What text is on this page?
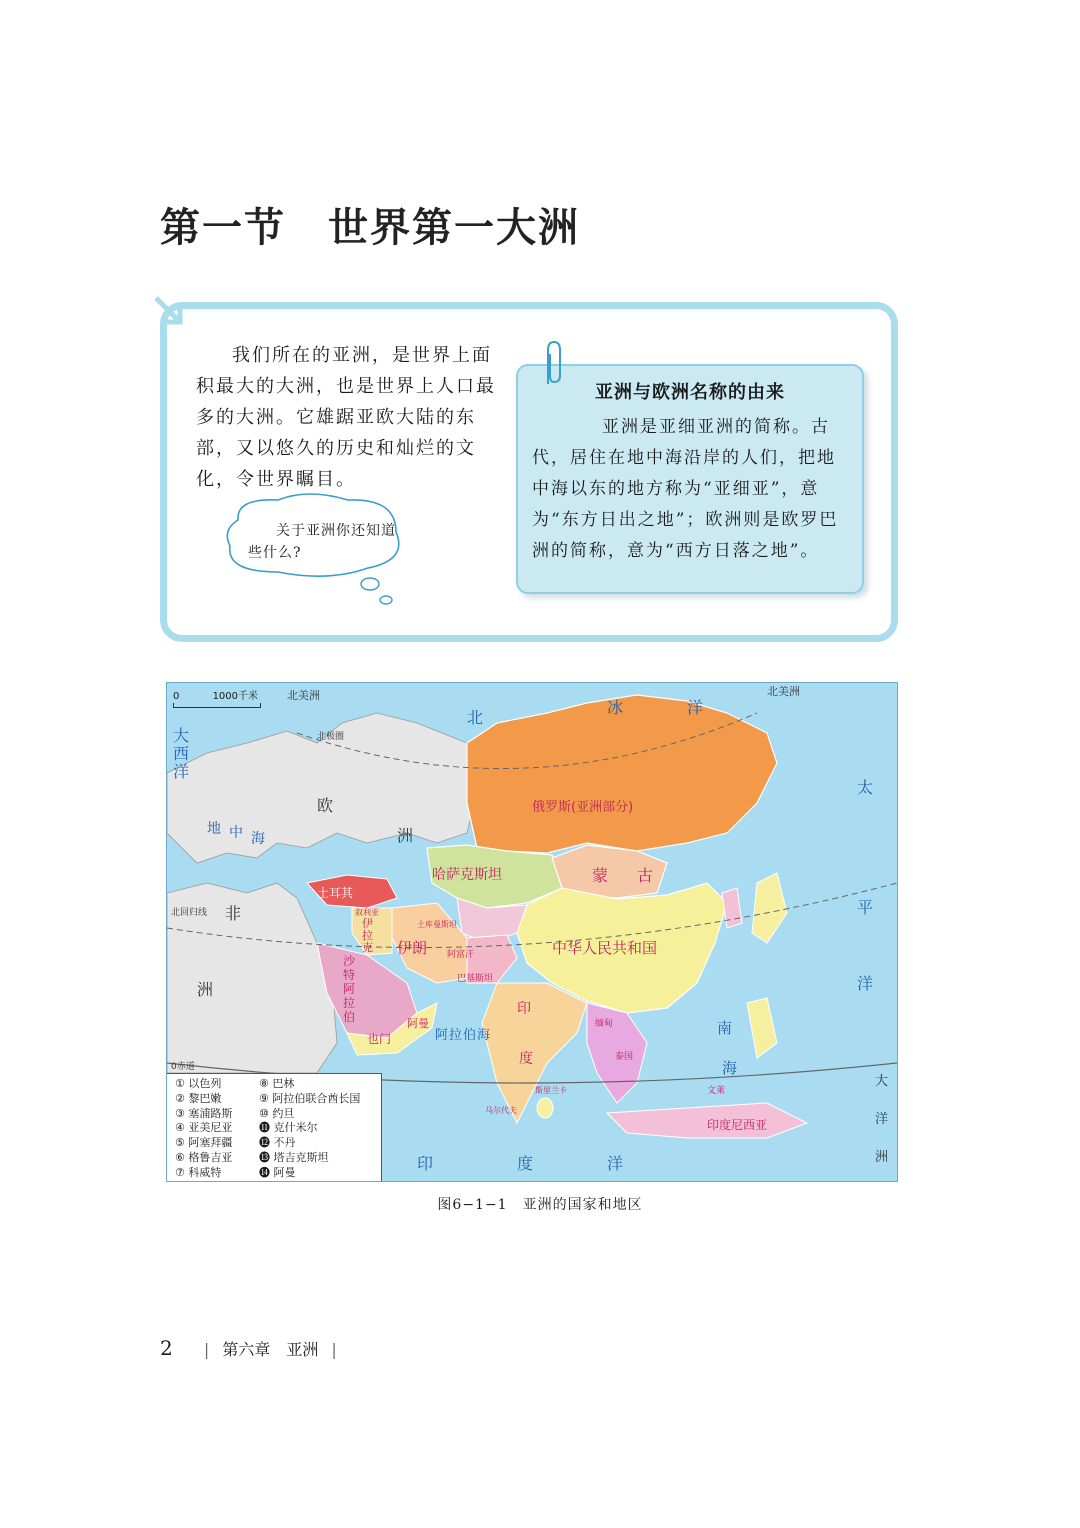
第一节　世界第一大洲
我们所在的亚洲，是世界上面积最大的大洲，也是世界上人口最多的大洲。它雄踞亚欧大陆的东部，又以悠久的历史和灿烂的文化，令世界瞩目。
关于亚洲你还知道些什么?
亚洲与欧洲名称的由来
亚洲是亚细亚洲的简称。古代，居住在地中海沿岸的人们，把地中海以东的地方称为“亚细亚”，意为“东方日出之地”；欧洲则是欧罗巴洲的简称，意为“西方日落之地”。
俄罗斯(亚洲部分)
哈萨克斯坦	蒙 古
中华人民共和国
土耳其
伊朗 阿富汗
巴基斯坦
土库曼斯坦
叙利亚
也门
阿曼
印
度
斯里兰卡
马尔代夫
缅甸
泰国
文莱
印度尼西亚
欧
洲
非
洲
北回归线
北极圈
北美洲	北美洲
大
西
洋
地 中 海
北
冰	洋
太
平
洋
大
洋
洲
印	度	洋
南
海
阿 拉 伯 海
伊
拉
克
沙
特
阿
拉
伯
0赤道
0	1000千米
① 以色列
② 黎巴嫩
③ 塞浦路斯
④ 亚美尼亚
⑤ 阿塞拜疆
⑥ 格鲁吉亚
⑦ 科威特
⑧ 巴林
⑨ 阿拉伯联合酋长国
⑩ 约旦
⓫ 克什米尔
⓬ 不丹
⓭ 塔吉克斯坦
⓮ 阿曼
图6−1−1　亚洲的国家和地区
2 | 第六章　亚洲 |
